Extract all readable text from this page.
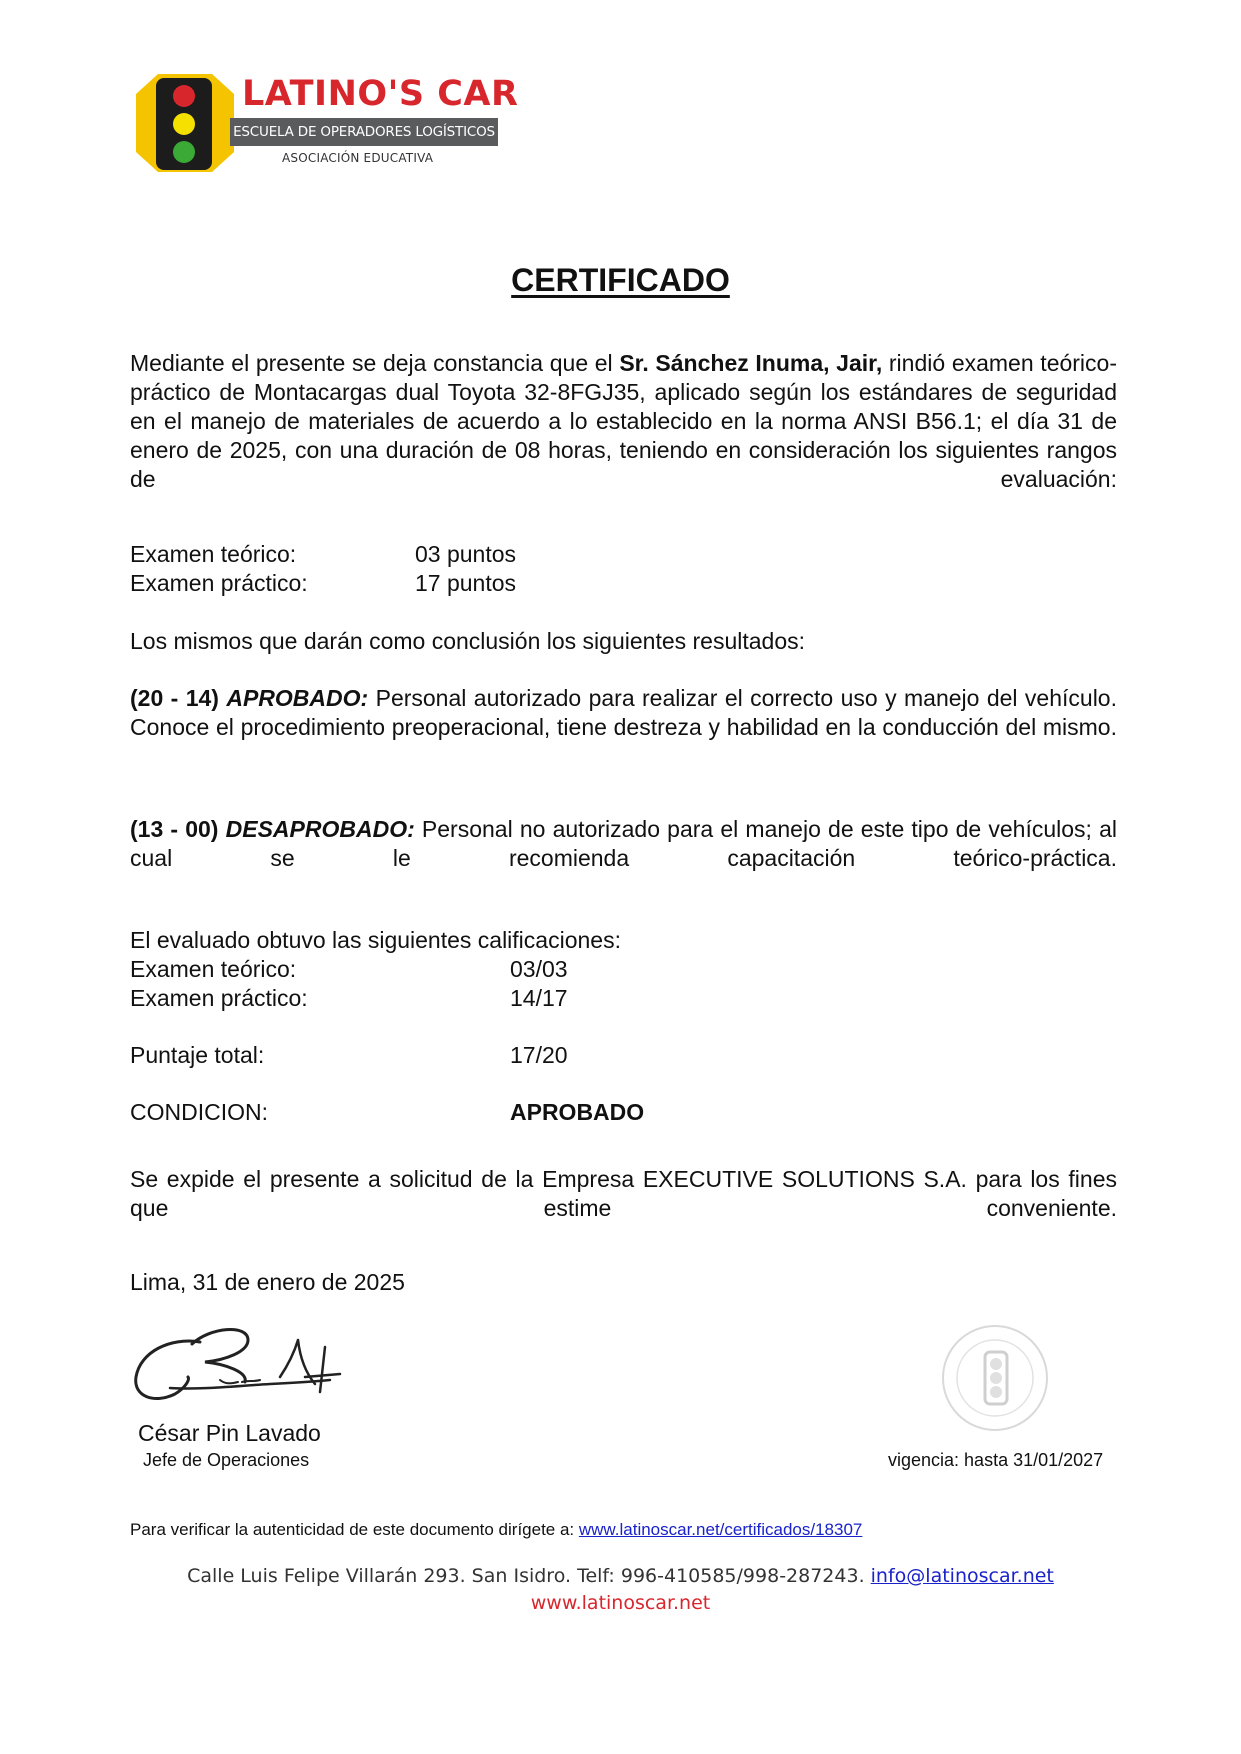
LATINO'S CAR
ESCUELA DE OPERADORES LOGÍSTICOS
ASOCIACIÓN EDUCATIVA
CERTIFICADO
Mediante el presente se deja constancia que el Sr. Sánchez Inuma, Jair, rindió examen teórico-práctico de Montacargas dual Toyota 32-8FGJ35, aplicado según los estándares de seguridad en el manejo de materiales de acuerdo a lo establecido en la norma ANSI B56.1; el día 31 de enero de 2025, con una duración de 08 horas, teniendo en consideración los siguientes rangos de evaluación:
Examen teórico:	03 puntos
Examen práctico:	17 puntos
Los mismos que darán como conclusión los siguientes resultados:
(20 - 14) APROBADO: Personal autorizado para realizar el correcto uso y manejo del vehículo. Conoce el procedimiento preoperacional, tiene destreza y habilidad en la conducción del mismo.
(13 - 00) DESAPROBADO: Personal no autorizado para el manejo de este tipo de vehículos; al cual se le recomienda capacitación teórico-práctica.
El evaluado obtuvo las siguientes calificaciones:
Examen teórico:	03/03
Examen práctico:	14/17
Puntaje total:	17/20
CONDICION:	APROBADO
Se expide el presente a solicitud de la Empresa EXECUTIVE SOLUTIONS S.A. para los fines que estime conveniente.
Lima, 31 de enero de 2025
César Pin Lavado
Jefe de Operaciones	vigencia: hasta 31/01/2027
Para verificar la autenticidad de este documento dirígete a: www.latinoscar.net/certificados/18307
Calle Luis Felipe Villarán 293. San Isidro. Telf: 996-410585/998-287243. info@latinoscar.net
www.latinoscar.net
